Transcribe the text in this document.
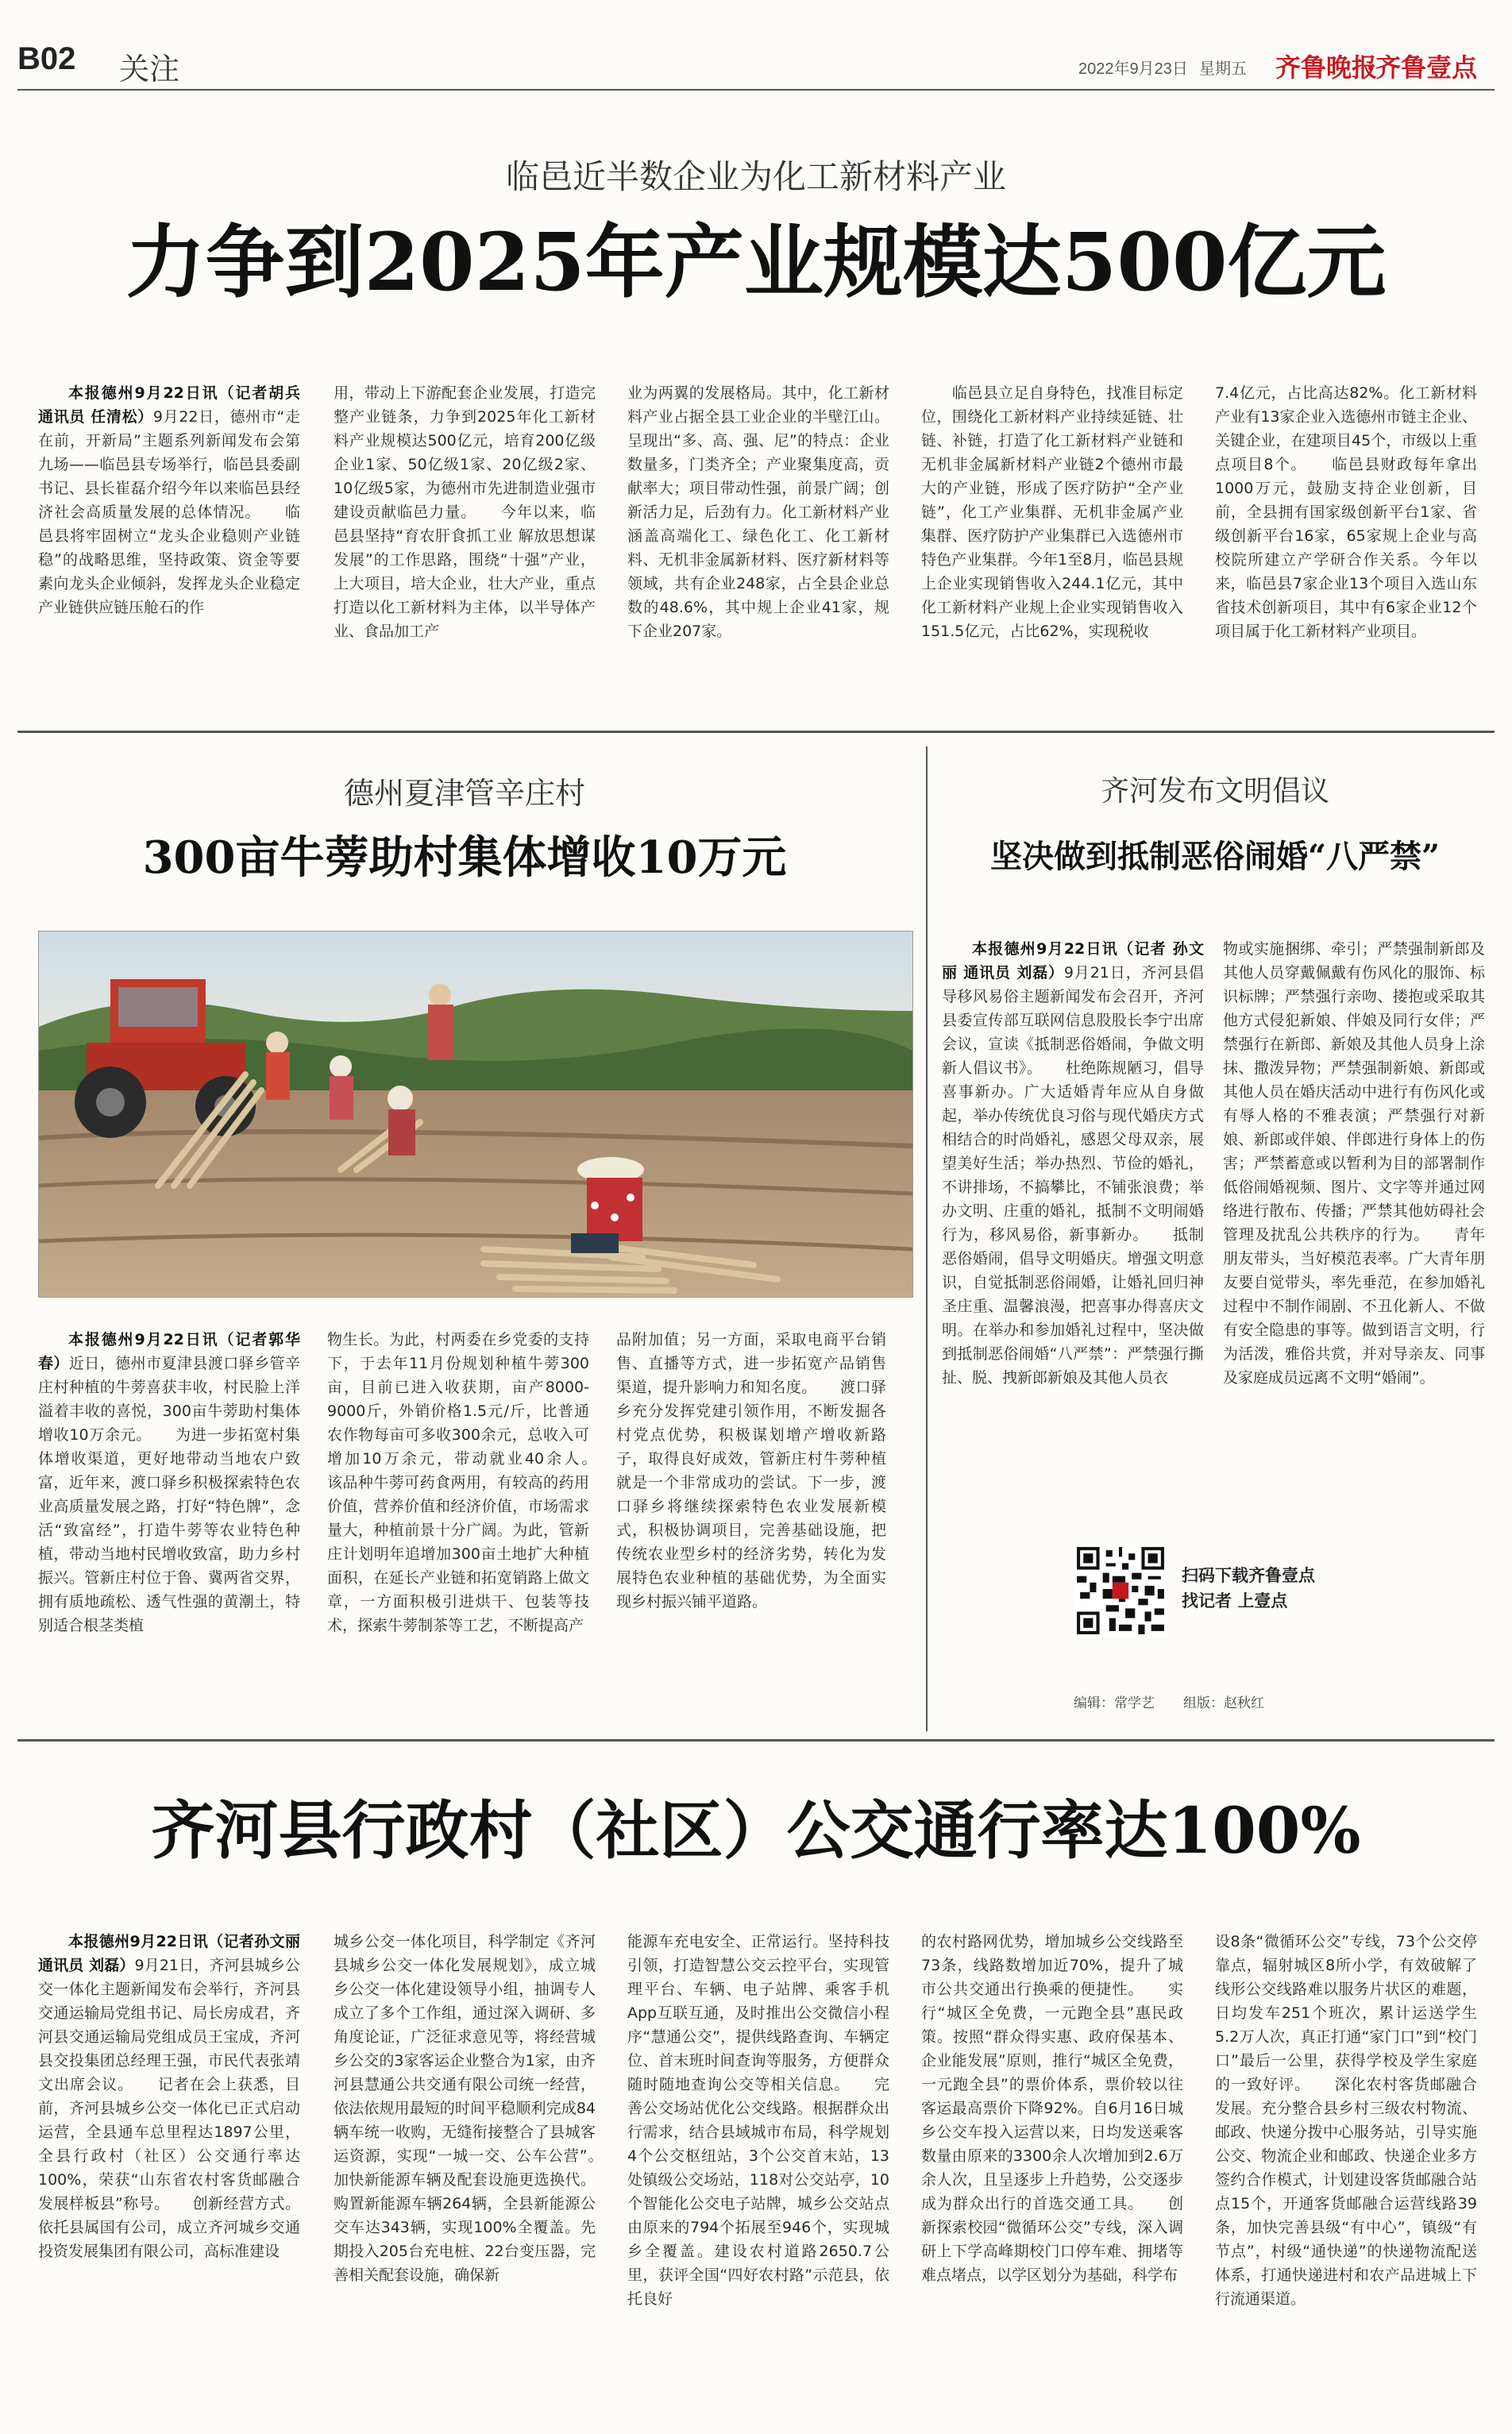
B02 关注	2022年9月23日 星期五 齐鲁晚报
·齐鲁壹点
临邑近半数企业为化工新材料产业
力争到2025年产业规模达500亿元

本报德州9月22日讯（记者胡兵 通讯员 任清松）9月22日，德州市“走在前，开新局”主题系列新闻发布会第九场——临邑县专场举行，临邑县委副书记、县长崔磊介绍今年以来临邑县经济社会高质量发展的总体情况。　　临邑县将牢固树立“龙头企业稳则产业链稳”的战略思维，坚持政策、资金等要素向龙头企业倾斜，发挥龙头企业稳定产业链供应链压舱石的作

用，带动上下游配套企业发展，打造完整产业链条，力争到2025年化工新材料产业规模达500亿元，培育200亿级企业1家、50亿级1家、20亿级2家、10亿级5家，为德州市先进制造业强市建设贡献临邑力量。　　今年以来，临邑县坚持“育农肝食抓工业 解放思想谋发展”的工作思路，围绕“十强”产业，上大项目，培大企业，壮大产业，重点打造以化工新材料为主体，以半导体产业、食品加工产

业为两翼的发展格局。其中，化工新材料产业占据全县工业企业的半壁江山。呈现出“多、高、强、尼”的特点：企业数量多，门类齐全；产业聚集度高，贡献率大；项目带动性强，前景广阔；创新活力足，后劲有力。化工新材料产业涵盖高端化工、绿色化工、化工新材料、无机非金属新材料、医疗新材料等领域，共有企业248家，占全县企业总数的48.6%，其中规上企业41家，规下企业207家。

　　临邑县立足自身特色，找准目标定位，围绕化工新材料产业持续延链、壮链、补链，打造了化工新材料产业链和无机非金属新材料产业链2个德州市最大的产业链，形成了医疗防护“全产业链”，化工产业集群、无机非金属产业集群、医疗防护产业集群已入选德州市特色产业集群。今年1至8月，临邑县规上企业实现销售收入244.1亿元，其中化工新材料产业规上企业实现销售收入151.5亿元，占比62%，实现税收

7.4亿元，占比高达82%。化工新材料产业有13家企业入选德州市链主企业、关键企业，在建项目45个，市级以上重点项目8个。　　临邑县财政每年拿出1000万元，鼓励支持企业创新，目前，全县拥有国家级创新平台1家、省级创新平台16家，65家规上企业与高校院所建立产学研合作关系。今年以来，临邑县7家企业13个项目入选山东省技术创新项目，其中有6家企业12个项目属于化工新材料产业项目。

德州夏津管辛庄村
300亩牛蒡助村集体增收10万元

本报德州9月22日讯（记者郭华春）近日，德州市夏津县渡口驿乡管辛庄村种植的牛蒡喜获丰收，村民脸上洋溢着丰收的喜悦，300亩牛蒡助村集体增收10万余元。　　为进一步拓宽村集体增收渠道，更好地带动当地农户致富，近年来，渡口驿乡积极探索特色农业高质量发展之路，打好“特色牌”，念活“致富经”，打造牛蒡等农业特色种植，带动当地村民增收致富，助力乡村振兴。管新庄村位于鲁、冀两省交界，拥有质地疏松、透气性强的黄潮土，特别适合根茎类植

物生长。为此，村两委在乡党委的支持下，于去年11月份规划种植牛蒡300亩，目前已进入收获期，亩产8000-9000斤，外销价格1.5元/斤，比普通农作物每亩可多收300余元，总收入可增加10万余元，带动就业40余人。　　该品种牛蒡可药食两用，有较高的药用价值，营养价值和经济价值，市场需求量大，种植前景十分广阔。为此，管新庄计划明年追增加300亩土地扩大种植面积，在延长产业链和拓宽销路上做文章，一方面积极引进烘干、包装等技术，探索牛蒡制茶等工艺，不断提高产

品附加值；另一方面，采取电商平台销售、直播等方式，进一步拓宽产品销售渠道，提升影响力和知名度。　　渡口驿乡充分发挥党建引领作用，不断发掘各村党点优势，积极谋划增产增收新路子，取得良好成效，管新庄村牛蒡种植就是一个非常成功的尝试。下一步，渡口驿乡将继续探索特色农业发展新模式，积极协调项目，完善基础设施，把传统农业型乡村的经济劣势，转化为发展特色农业种植的基础优势，为全面实现乡村振兴铺平道路。

齐河发布文明倡议
坚决做到抵制恶俗闹婚“八严禁”

本报德州9月22日讯（记者 孙文丽 通讯员 刘磊）9月21日，齐河县倡导移风易俗主题新闻发布会召开，齐河县委宣传部互联网信息股股长李宁出席会议，宣读《抵制恶俗婚闹，争做文明新人倡议书》。　　杜绝陈规陋习，倡导喜事新办。广大适婚青年应从自身做起，举办传统优良习俗与现代婚庆方式相结合的时尚婚礼，感恩父母双亲，展望美好生活；举办热烈、节俭的婚礼，不讲排场，不搞攀比，不铺张浪费；举办文明、庄重的婚礼，抵制不文明闹婚行为，移风易俗，新事新办。　　抵制恶俗婚闹，倡导文明婚庆。增强文明意识，自觉抵制恶俗闹婚，让婚礼回归神圣庄重、温馨浪漫，把喜事办得喜庆文明。在举办和参加婚礼过程中，坚决做到抵制恶俗闹婚“八严禁”：严禁强行撕扯、脱、拽新郎新娘及其他人员衣

物或实施捆绑、牵引；严禁强制新郎及其他人员穿戴佩戴有伤风化的服饰、标识标牌；严禁强行亲吻、搂抱或采取其他方式侵犯新娘、伴娘及同行女伴；严禁强行在新郎、新娘及其他人员身上涂抹、撒泼异物；严禁强制新娘、新郎或其他人员在婚庆活动中进行有伤风化或有辱人格的不雅表演；严禁强行对新娘、新郎或伴娘、伴郎进行身体上的伤害；严禁蓄意或以暂利为目的部署制作低俗闹婚视频、图片、文字等并通过网络进行散布、传播；严禁其他妨碍社会管理及扰乱公共秩序的行为。　　青年朋友带头，当好模范表率。广大青年朋友要自觉带头，率先垂范，在参加婚礼过程中不制作闹剧、不丑化新人、不做有安全隐患的事等。做到语言文明，行为活泼，雅俗共赏，并对导亲友、同事及家庭成员远离不文明“婚闹”。

扫码下载齐鲁壹点
找记者 上壹点
编辑：常学艺 组版：赵秋红
齐河县行政村（社区）公交通行率达100%

本报德州9月22日讯（记者孙文丽 通讯员 刘磊）9月21日，齐河县城乡公交一体化主题新闻发布会举行，齐河县交通运输局党组书记、局长房成君，齐河县交通运输局党组成员王宝成，齐河县交投集团总经理王强，市民代表张靖文出席会议。　　记者在会上获悉，目前，齐河县城乡公交一体化已正式启动运营，全县通车总里程达1897公里，全县行政村（社区）公交通行率达100%，荣获“山东省农村客货邮融合发展样板县”称号。　　创新经营方式。依托县属国有公司，成立齐河城乡交通投资发展集团有限公司，高标准建设

城乡公交一体化项目，科学制定《齐河县城乡公交一体化发展规划》，成立城乡公交一体化建设领导小组，抽调专人成立了多个工作组，通过深入调研、多角度论证，广泛征求意见等，将经营城乡公交的3家客运企业整合为1家，由齐河县慧通公共交通有限公司统一经营，依法依规用最短的时间平稳顺利完成84辆车统一收购，无缝衔接整合了县城客运资源，实现“一城一交、公车公营”。　　加快新能源车辆及配套设施更选换代。购置新能源车辆264辆，全县新能源公交车达343辆，实现100%全覆盖。先期投入205台充电桩、22台变压器，完善相关配套设施，确保新

能源车充电安全、正常运行。坚持科技引领，打造智慧公交云控平台，实现管理平台、车辆、电子站牌、乘客手机App互联互通，及时推出公交微信小程序“慧通公交”，提供线路查询、车辆定位、首末班时间查询等服务，方便群众随时随地查询公交等相关信息。　　完善公交场站优化公交线路。根据群众出行需求，结合县域城市布局，科学规划4个公交枢纽站，3个公交首末站，13处镇级公交场站，118对公交站亭，10个智能化公交电子站牌，城乡公交站点由原来的794个拓展至946个，实现城乡全覆盖。建设农村道路2650.7公里，获评全国“四好农村路”示范县，依托良好

的农村路网优势，增加城乡公交线路至73条，线路数增加近70%，提升了城市公共交通出行换乘的便捷性。　　实行“城区全免费，一元跑全县”惠民政策。按照“群众得实惠、政府保基本、企业能发展”原则，推行“城区全免费，一元跑全县”的票价体系，票价较以往客运最高票价下降92%。自6月16日城乡公交车投入运营以来，日均发送乘客数量由原来的3300余人次增加到2.6万余人次，且呈逐步上升趋势，公交逐步成为群众出行的首选交通工具。　　创新探索校园“微循环公交”专线，深入调研上下学高峰期校门口停车难、拥堵等难点堵点，以学区划分为基础，科学布

设8条“微循环公交”专线，73个公交停靠点，辐射城区8所小学，有效破解了线形公交线路难以服务片状区的难题，日均发车251个班次，累计运送学生5.2万人次，真正打通“家门口”到“校门口”最后一公里，获得学校及学生家庭的一致好评。　　深化农村客货邮融合发展。充分整合县乡村三级农村物流、邮政、快递分拨中心服务站，引导实施公交、物流企业和邮政、快递企业多方签约合作模式，计划建设客货邮融合站点15个，开通客货邮融合运营线路39条，加快完善县级“有中心”，镇级“有节点”，村级“通快递”的快递物流配送体系，打通快递进村和农产品进城上下行流通渠道。
